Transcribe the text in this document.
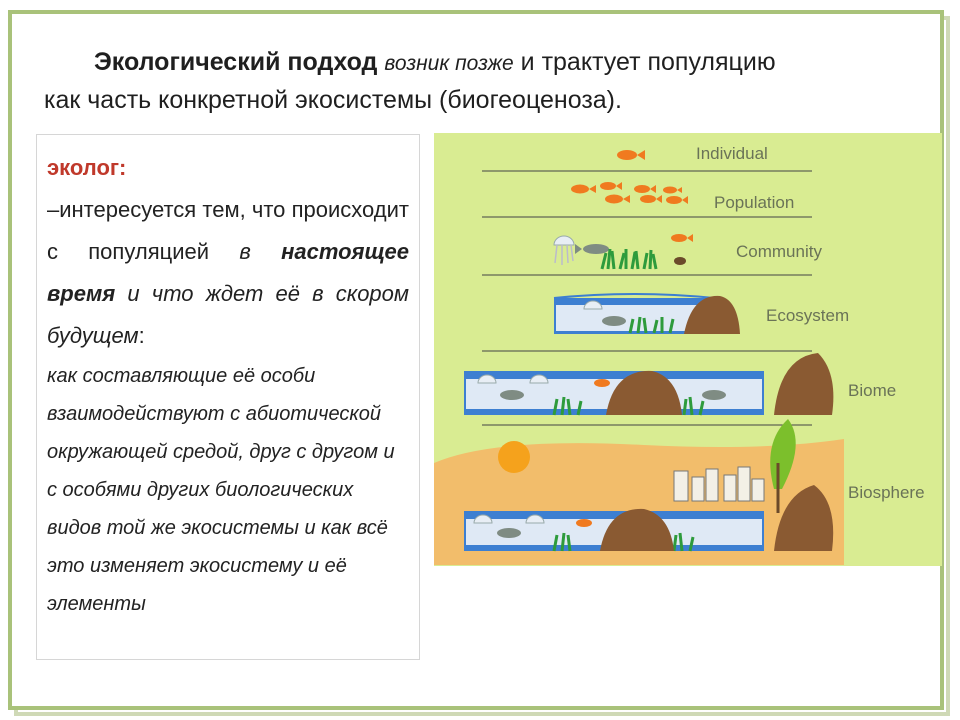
Экологический подход возник позже и трактует популяцию
как часть конкретной экосистемы (биогеоценоза).
эколог:
–интересуется тем, что происходит с популяцией в настоящее время и что ждет её в скором будущем:
как составляющие её особи взаимодействуют с абиотической окружающей средой, друг с другом и с особями других биологических видов той же экосистемы и как всё это изменяет экосистему и её элементы
Individual
Population
Community
Ecosystem
Biome
Biosphere
